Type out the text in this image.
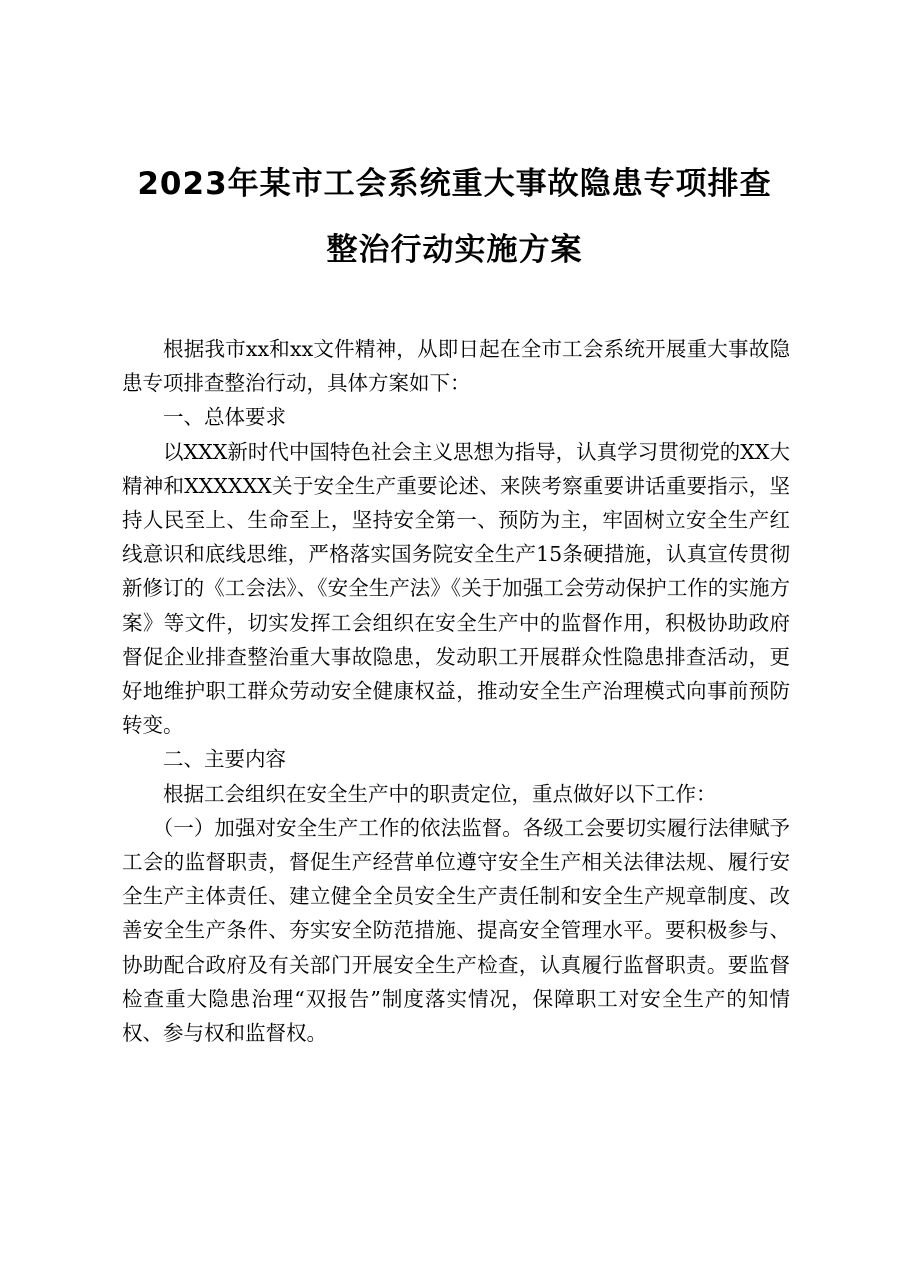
2023年某市工会系统重大事故隐患专项排查
整治行动实施方案

根据我市xx和xx文件精神，从即日起在全市工会系统开展重大事故隐患专项排查整治行动，具体方案如下：

一、总体要求

以XXX新时代中国特色社会主义思想为指导，认真学习贯彻党的XX大精神和XXXXXX关于安全生产重要论述、来陕考察重要讲话重要指示，坚持人民至上、生命至上，坚持安全第一、预防为主，牢固树立安全生产红线意识和底线思维，严格落实国务院安全生产15条硬措施，认真宣传贯彻新修订的《工会法》、《安全生产法》《关于加强工会劳动保护工作的实施方案》等文件，切实发挥工会组织在安全生产中的监督作用，积极协助政府督促企业排查整治重大事故隐患，发动职工开展群众性隐患排查活动，更好地维护职工群众劳动安全健康权益，推动安全生产治理模式向事前预防转变。

二、主要内容

根据工会组织在安全生产中的职责定位，重点做好以下工作：

（一）加强对安全生产工作的依法监督。各级工会要切实履行法律赋予工会的监督职责，督促生产经营单位遵守安全生产相关法律法规、履行安全生产主体责任、建立健全全员安全生产责任制和安全生产规章制度、改善安全生产条件、夯实安全防范措施、提高安全管理水平。要积极参与、协助配合政府及有关部门开展安全生产检查，认真履行监督职责。要监督检查重大隐患治理“双报告”制度落实情况，保障职工对安全生产的知情权、参与权和监督权。
